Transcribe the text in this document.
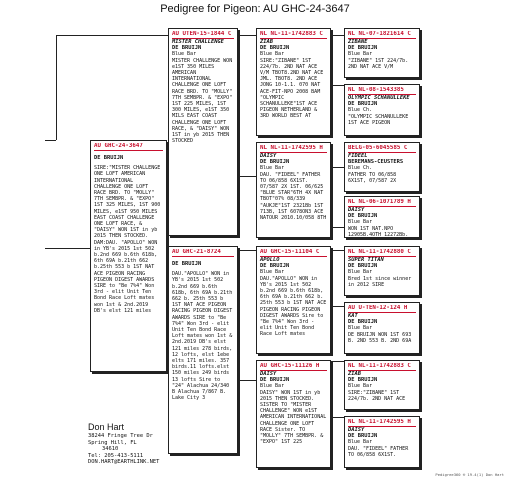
Pedigree for Pigeon: AU GHC-24-3647
AU GHC-24-3647
DE BRUIJN
SIRE:"MISTER CHALLENGE ONE LOFT AMERICAN INTERNATIONAL CHALLENGE ONE LOFT RACE BRD. TO "MOLLY" 7TH SEMBPR. & "EXPO" 1ST 325 MILES, 1ST 900 MILES, e1ST 950 MILES EAST COAST CHALLENGE ONE LOFT RACE, & "DAISY" WON 1ST in yb 2015 THEN STOCKED. DAM:DAU. "APOLLO" WON in YB's 2015 1st 502 b.2nd 669 b.6th 618b, 6th 69A b.21th 662 b.25th 553 b 1ST NAT ACE PIGEON RACING PIGEON DIGEST AWARDS SIRE to "Be 7%4" Won 3rd - elit Unit Ten Bond Race Loft mates won 1st & 2nd.2019 DB's elst 121 miles
AU UTEN-15-1844 C
MISTER CHALLENGE
DE BRUIJN
Blue Bar
MISTER CHALLENGE WON e1ST 350 MILES AMERICAN INTERNATIONAL CHALLENGE ONE LOFT RACE BRD. TO "MOLLY" 7TH SEMBPR. & "EXPO" 1ST 225 MILES, 1ST 300 MILES, e1ST 350 MILS EAST COAST CHALLENGE ONE LOFT RACE, & "DAISY" WON 1ST in yb 2015 THEN STOCKED
AU GHC-21-8724
DE BRUIJN
DAU."APOLLO" WON in YB's 2015 1st 502 b.2nd 669 b.6th 618b, 6th 69A b.21th 662 b. 25th 553 b 1ST NAT ACE PIGEON RACING PIGEON DIGEST AWARDS SIRE to "Be 7%4" Won 3rd - elit Unit Ten Bond Race Loft mates won 1st & 2nd.2019 DB's elst 121 miles 278 birds, 12 lofts, elst 1ebe elts 171 miles. 357 birds.11 lofts.elst 150 miles 249 birds 13 lofts Sire to "24" Alachua 24/340 B Alachua 7/867 B. Lake City 3
NL NL-11-1742883 C
ZIAB
DE BRUIJN
Blue Bar
SIRE:"ZIBANE" 1ST 224/7b. 2ND NAT ACE V/M TBOT8.2ND NAT ACE JML. TBOT8. 2ND ACE JONG 10-1.1. 070 NAT ACE-FIT-NPO 2008 BAM "OLYMPIC SCHANULLEKE"1ST ACE PIGEON NETHERLAND & 3RD WORLD BEST AT
NL NL-11-1742595 H
DAISY
DE BRUIJN
Blue Bar
DAU. "FIDEEL" FATHER TO 06/858 6X1ST. 07/587 2X 1ST. 06/625 "BLUE STAR"6TH 4X NAT TBOT"07% 08/339 "AUKJE"1ST 2321Bb 1ST 713B, 1ST 6078ON3 ACE NATOUR 2010.10/058 8TH
AU GHC-15-11104 C
APOLLO
DE BRUIJN
Blue Bar
DAU."APOLLO" WON in YB's 2015 1st 502 b.2nd 669 b.6th 618b, 6th 69A b.21th 662 b. 25th 553 b 1ST NAT ACE PIGEON RACING PIGEON DIGEST AWARDS Sire to "Be 7%4" Won 3rd - elit Unit Ten Bond Race Loft mates
AU GHC-15-11126 H
DAISY
DE BRUIJN
Blue Bar
DAISY" WON 1ST in yb 2015 THEN STOCKED. SISTER TO "MISTER CHALLENGE" WON e1ST AMERICAN INTERNATIONAL CHALLENGE ONE LOFT RACE Sister. TO "MOLLY" 7TH SEMBPR. & "EXPO" 1ST 225
NL NL-07-1821614 C
ZIBANE
DE BRUIJN
Blue Bar
"ZIBANE" 1ST 224/7b. 2ND NAT ACE V/M
NL NL-08-1543385
OLYMPIC SCHANULLEKE
DE BRUIJN
Blue Ch.
"OLYMPIC SCHANULLEKE 1ST ACE PIGEON
BELG-05-6045585 C
FIDEEL
BEREMANS-CEUSTERS
Blue Ch.
FATHER TO 06/858 6X1ST, 07/587 2X
NL NL-06-1071789 H
DAISY
DE BRUIJN
Blue Bar
WON 1ST NAT.NPO 12905B.4OTH 12272Bb.
NL NL-11-1742880 C
SUPER TITAN
DE BRUIJN
Blue Bar
Bred 1st since winner in 2012 SIRE
AU U-TEN-12-124 H
KAT
DE BRUIJN
Blue Bar
DE BRUIJN WON 1ST 693 B. 2ND 553 B. 2ND 69A
NL NL-11-1742883 C
ZIAB
DE BRUIJN
Blue Bar
SIRE:"ZIBANE" 1ST 224/7b. 2ND NAT ACE
NL NL-11-1742595 H
DAISY
DE BRUIJN
Blue Bar
DAU. "FIDEEL" FATHER TO 06/858 6X1ST.
Don Hart
38244 Fringe Tree Dr
Spring Hill, FL
34610
Tel: 205-413-5111
DON.HART@EARTHLINK.NET
Pedigree360 ® 19.4(1) Don Hart
